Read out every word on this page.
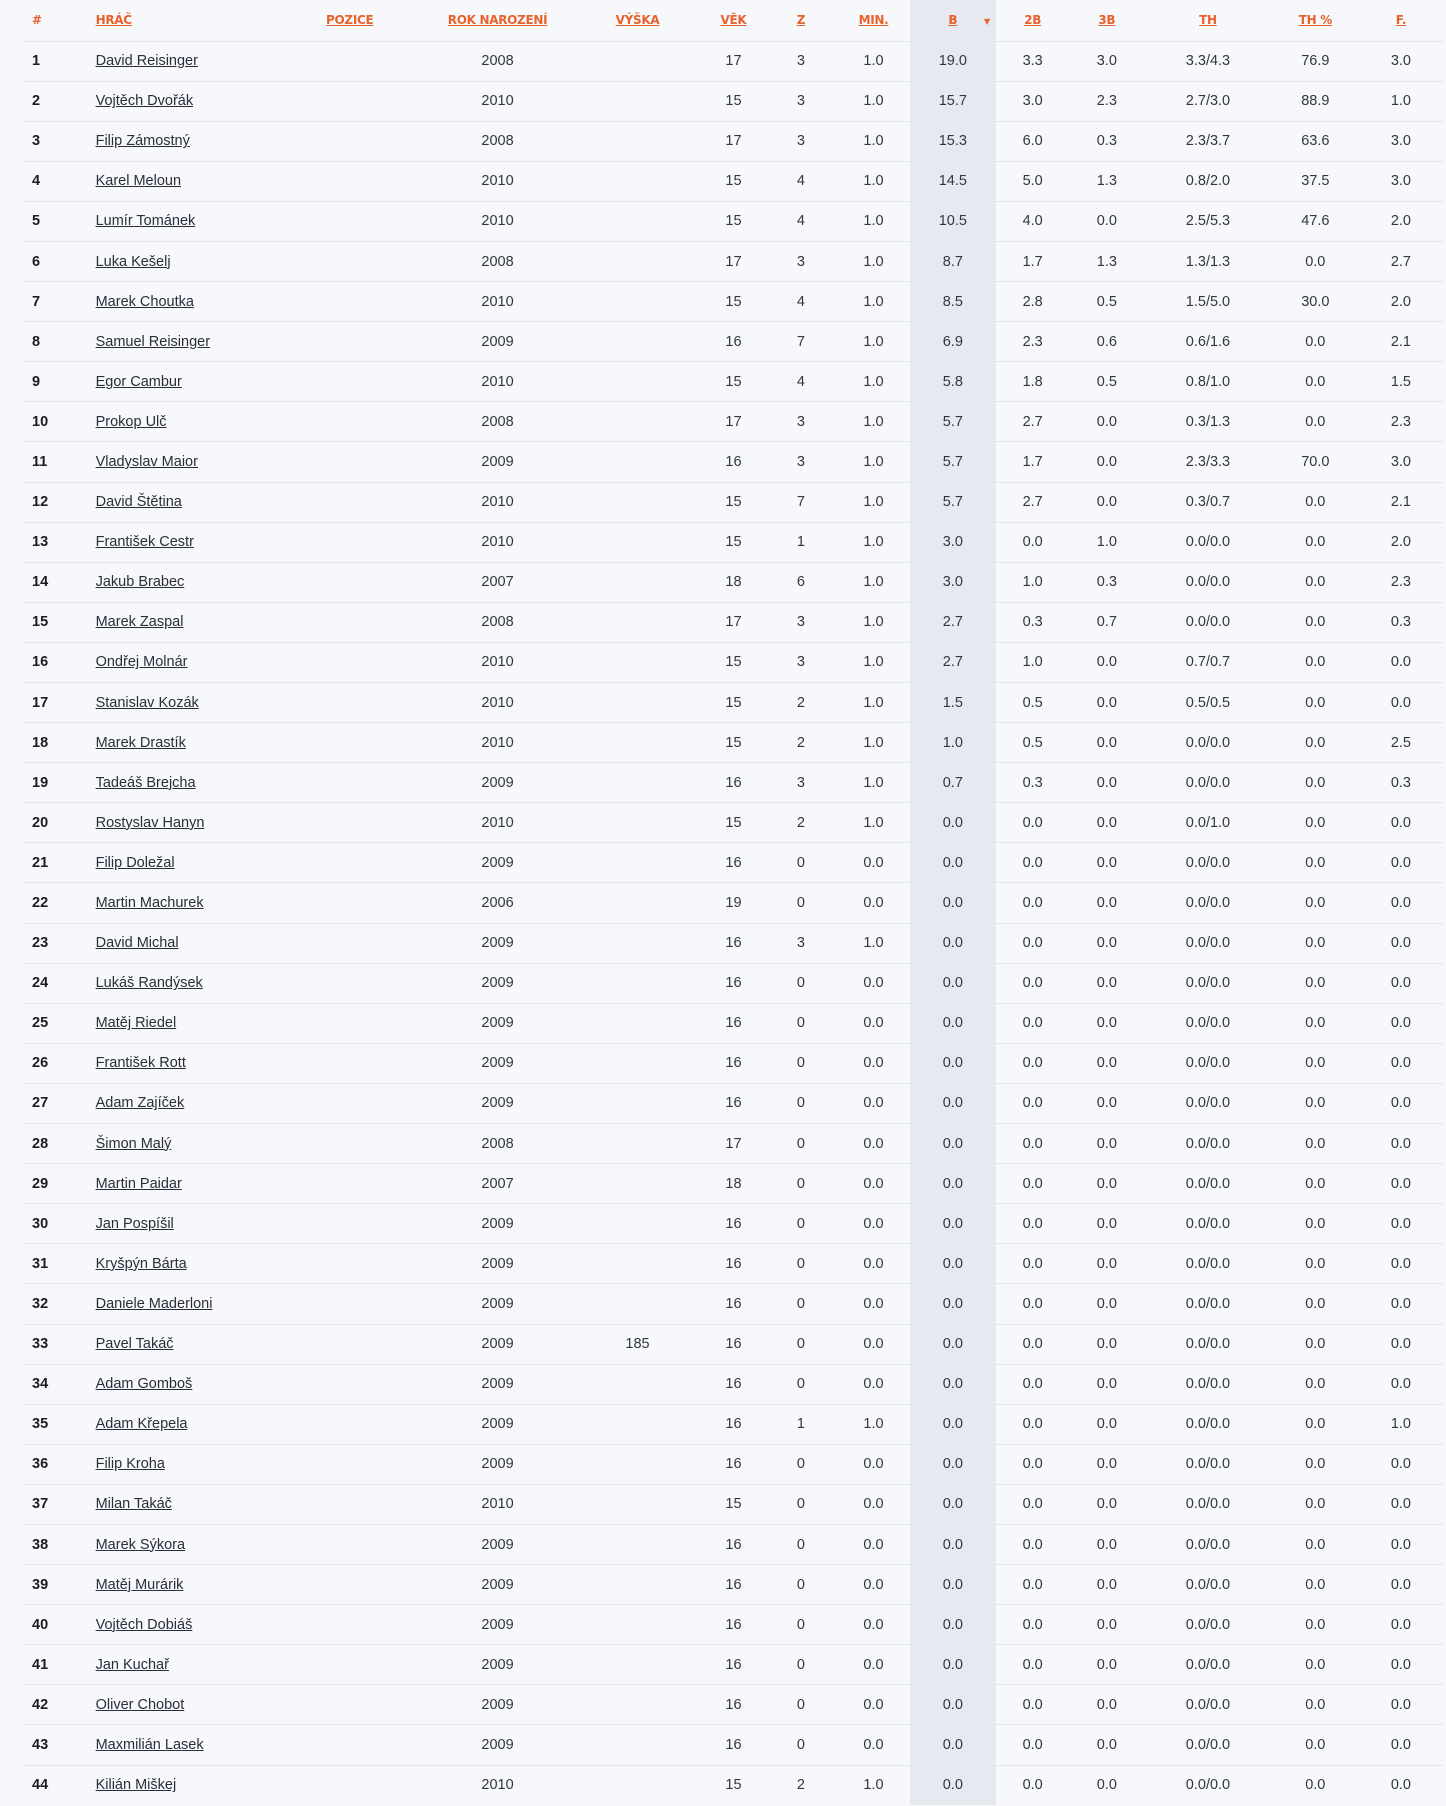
#	HRÁČ	POZICE	ROK NAROZENÍ	VÝŠKA	VĚK	Z	MIN.	B ▼	2B	3B	TH	TH %	F.
1	David Reisinger		2008		17	3	1.0	19.0	3.3	3.0	3.3/4.3	76.9	3.0
2	Vojtěch Dvořák		2010		15	3	1.0	15.7	3.0	2.3	2.7/3.0	88.9	1.0
3	Filip Zámostný		2008		17	3	1.0	15.3	6.0	0.3	2.3/3.7	63.6	3.0
4	Karel Meloun		2010		15	4	1.0	14.5	5.0	1.3	0.8/2.0	37.5	3.0
5	Lumír Tománek		2010		15	4	1.0	10.5	4.0	0.0	2.5/5.3	47.6	2.0
6	Luka Kešelj		2008		17	3	1.0	8.7	1.7	1.3	1.3/1.3	0.0	2.7
7	Marek Choutka		2010		15	4	1.0	8.5	2.8	0.5	1.5/5.0	30.0	2.0
8	Samuel Reisinger		2009		16	7	1.0	6.9	2.3	0.6	0.6/1.6	0.0	2.1
9	Egor Cambur		2010		15	4	1.0	5.8	1.8	0.5	0.8/1.0	0.0	1.5
10	Prokop Ulč		2008		17	3	1.0	5.7	2.7	0.0	0.3/1.3	0.0	2.3
11	Vladyslav Maior		2009		16	3	1.0	5.7	1.7	0.0	2.3/3.3	70.0	3.0
12	David Štětina		2010		15	7	1.0	5.7	2.7	0.0	0.3/0.7	0.0	2.1
13	František Cestr		2010		15	1	1.0	3.0	0.0	1.0	0.0/0.0	0.0	2.0
14	Jakub Brabec		2007		18	6	1.0	3.0	1.0	0.3	0.0/0.0	0.0	2.3
15	Marek Zaspal		2008		17	3	1.0	2.7	0.3	0.7	0.0/0.0	0.0	0.3
16	Ondřej Molnár		2010		15	3	1.0	2.7	1.0	0.0	0.7/0.7	0.0	0.0
17	Stanislav Kozák		2010		15	2	1.0	1.5	0.5	0.0	0.5/0.5	0.0	0.0
18	Marek Drastík		2010		15	2	1.0	1.0	0.5	0.0	0.0/0.0	0.0	2.5
19	Tadeáš Brejcha		2009		16	3	1.0	0.7	0.3	0.0	0.0/0.0	0.0	0.3
20	Rostyslav Hanyn		2010		15	2	1.0	0.0	0.0	0.0	0.0/1.0	0.0	0.0
21	Filip Doležal		2009		16	0	0.0	0.0	0.0	0.0	0.0/0.0	0.0	0.0
22	Martin Machurek		2006		19	0	0.0	0.0	0.0	0.0	0.0/0.0	0.0	0.0
23	David Michal		2009		16	3	1.0	0.0	0.0	0.0	0.0/0.0	0.0	0.0
24	Lukáš Randýsek		2009		16	0	0.0	0.0	0.0	0.0	0.0/0.0	0.0	0.0
25	Matěj Riedel		2009		16	0	0.0	0.0	0.0	0.0	0.0/0.0	0.0	0.0
26	František Rott		2009		16	0	0.0	0.0	0.0	0.0	0.0/0.0	0.0	0.0
27	Adam Zajíček		2009		16	0	0.0	0.0	0.0	0.0	0.0/0.0	0.0	0.0
28	Šimon Malý		2008		17	0	0.0	0.0	0.0	0.0	0.0/0.0	0.0	0.0
29	Martin Paidar		2007		18	0	0.0	0.0	0.0	0.0	0.0/0.0	0.0	0.0
30	Jan Pospíšil		2009		16	0	0.0	0.0	0.0	0.0	0.0/0.0	0.0	0.0
31	Kryšpýn Bárta		2009		16	0	0.0	0.0	0.0	0.0	0.0/0.0	0.0	0.0
32	Daniele Maderloni		2009		16	0	0.0	0.0	0.0	0.0	0.0/0.0	0.0	0.0
33	Pavel Takáč		2009	185	16	0	0.0	0.0	0.0	0.0	0.0/0.0	0.0	0.0
34	Adam Gomboš		2009		16	0	0.0	0.0	0.0	0.0	0.0/0.0	0.0	0.0
35	Adam Křepela		2009		16	1	1.0	0.0	0.0	0.0	0.0/0.0	0.0	1.0
36	Filip Kroha		2009		16	0	0.0	0.0	0.0	0.0	0.0/0.0	0.0	0.0
37	Milan Takáč		2010		15	0	0.0	0.0	0.0	0.0	0.0/0.0	0.0	0.0
38	Marek Sýkora		2009		16	0	0.0	0.0	0.0	0.0	0.0/0.0	0.0	0.0
39	Matěj Murárik		2009		16	0	0.0	0.0	0.0	0.0	0.0/0.0	0.0	0.0
40	Vojtěch Dobiáš		2009		16	0	0.0	0.0	0.0	0.0	0.0/0.0	0.0	0.0
41	Jan Kuchař		2009		16	0	0.0	0.0	0.0	0.0	0.0/0.0	0.0	0.0
42	Oliver Chobot		2009		16	0	0.0	0.0	0.0	0.0	0.0/0.0	0.0	0.0
43	Maxmilián Lasek		2009		16	0	0.0	0.0	0.0	0.0	0.0/0.0	0.0	0.0
44	Kilián Miškej		2010		15	2	1.0	0.0	0.0	0.0	0.0/0.0	0.0	0.0
